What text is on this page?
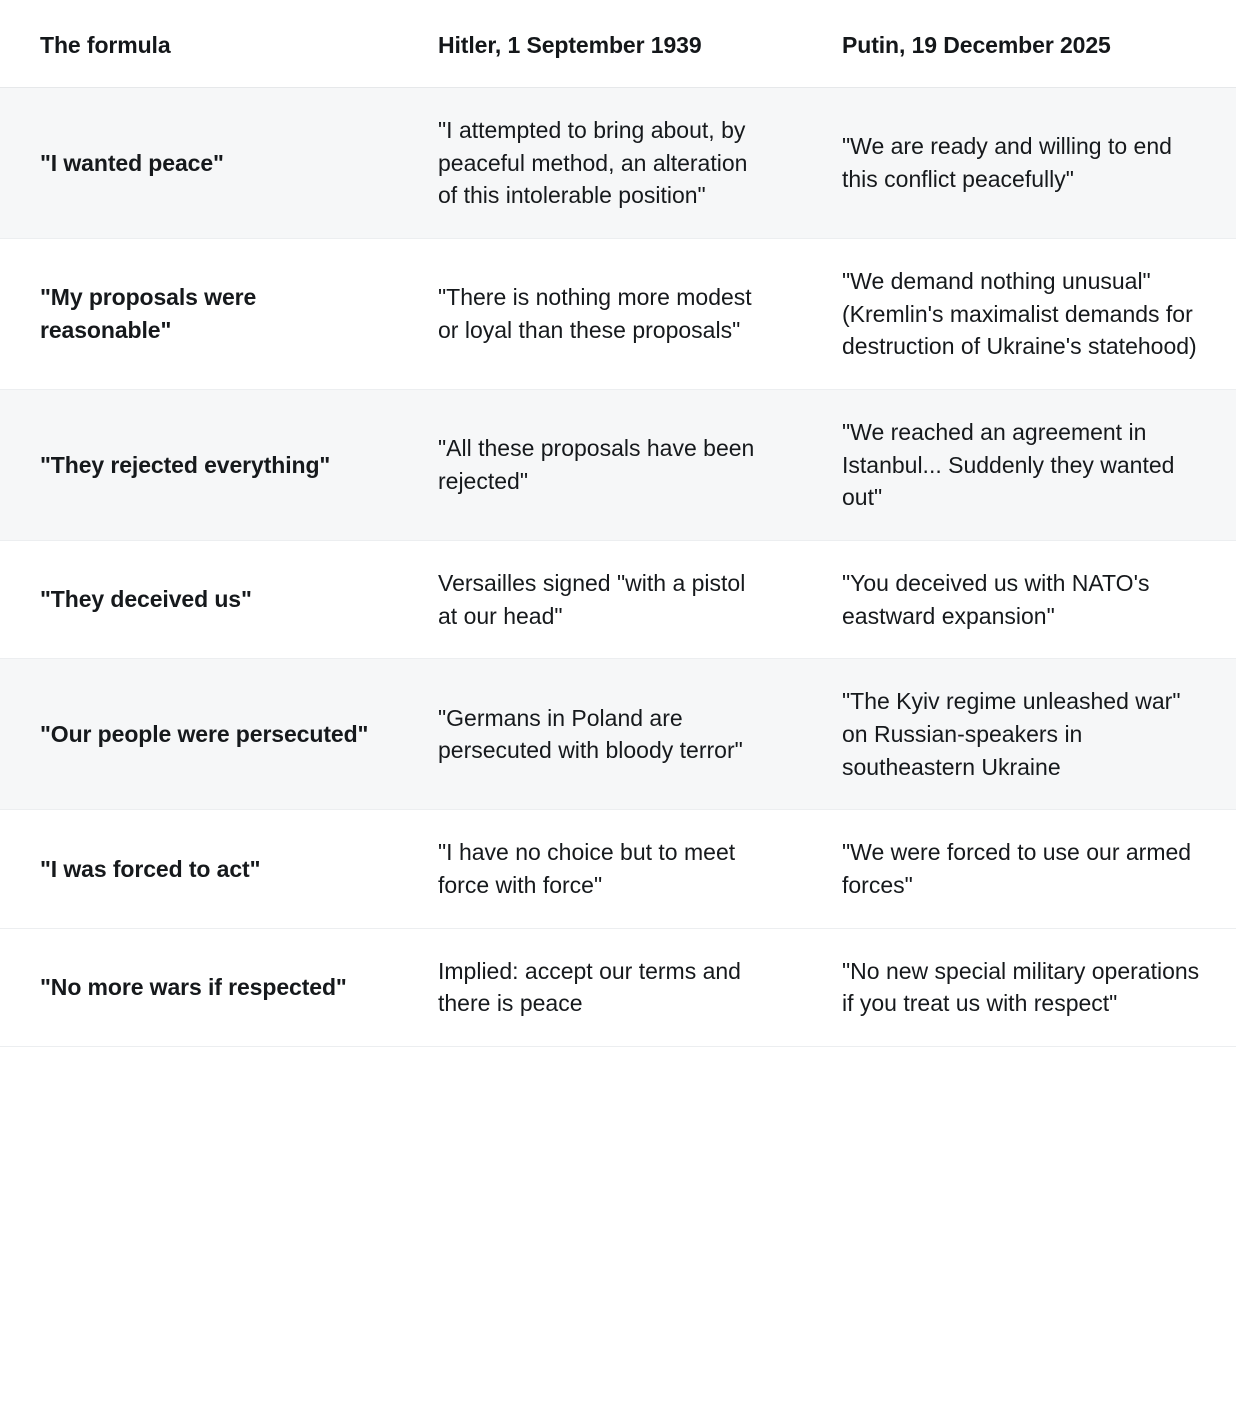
The formula	Hitler, 1 September 1939	Putin, 19 December 2025
"I wanted peace"	"I attempted to bring about, by peaceful method, an alteration of this intolerable position"	"We are ready and willing to end this conflict peacefully"
"My proposals were reasonable"	"There is nothing more modest or loyal than these proposals"	"We demand nothing unusual" (Kremlin's maximalist demands for destruction of Ukraine's statehood)
"They rejected everything"	"All these proposals have been rejected"	"We reached an agreement in Istanbul... Suddenly they wanted out"
"They deceived us"	Versailles signed "with a pistol at our head"	"You deceived us with NATO's eastward expansion"
"Our people were persecuted"	"Germans in Poland are persecuted with bloody terror"	"The Kyiv regime unleashed war" on Russian-speakers in southeastern Ukraine
"I was forced to act"	"I have no choice but to meet force with force"	"We were forced to use our armed forces"
"No more wars if respected"	Implied: accept our terms and there is peace	"No new special military operations if you treat us with respect"
